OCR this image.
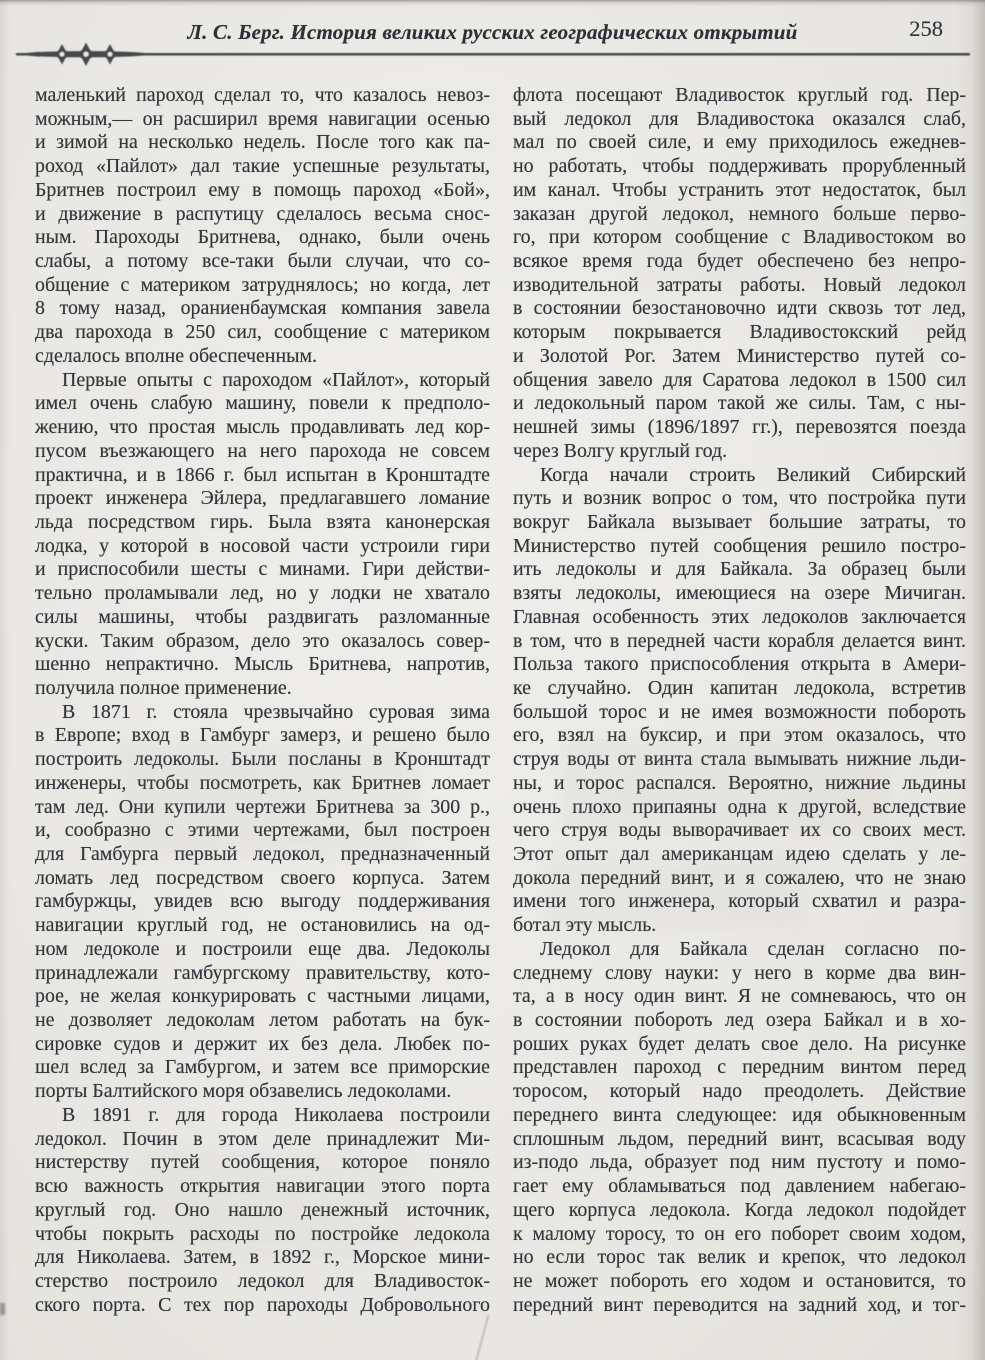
Л. С. Берг. История великих русских географических открытий	258
маленький пароход сделал то, что казалось невоз-
можным,— он расширил время навигации осенью
и зимой на несколько недель. После того как па-
роход «Пайлот» дал такие успешные результаты,
Бритнев построил ему в помощь пароход «Бой»,
и движение в распутицу сделалось весьма снос-
ным. Пароходы Бритнева, однако, были очень
слабы, а потому все-таки были случаи, что со-
общение с материком затруднялось; но когда, лет
8 тому назад, ораниенбаумская компания завела
два парохода в 250 сил, сообщение с материком
сделалось вполне обеспеченным.
Первые опыты с пароходом «Пайлот», который
имел очень слабую машину, повели к предполо-
жению, что простая мысль продавливать лед кор-
пусом въезжающего на него парохода не совсем
практична, и в 1866 г. был испытан в Кронштадте
проект инженера Эйлера, предлагавшего ломание
льда посредством гирь. Была взята канонерская
лодка, у которой в носовой части устроили гири
и приспособили шесты с минами. Гири действи-
тельно проламывали лед, но у лодки не хватало
силы машины, чтобы раздвигать разломанные
куски. Таким образом, дело это оказалось совер-
шенно непрактично. Мысль Бритнева, напротив,
получила полное применение.
В 1871 г. стояла чрезвычайно суровая зима
в Европе; вход в Гамбург замерз, и решено было
построить ледоколы. Были посланы в Кронштадт
инженеры, чтобы посмотреть, как Бритнев ломает
там лед. Они купили чертежи Бритнева за 300 р.,
и, сообразно с этими чертежами, был построен
для Гамбурга первый ледокол, предназначенный
ломать лед посредством своего корпуса. Затем
гамбуржцы, увидев всю выгоду поддерживания
навигации круглый год, не остановились на од-
ном ледоколе и построили еще два. Ледоколы
принадлежали гамбургскому правительству, кото-
рое, не желая конкурировать с частными лицами,
не дозволяет ледоколам летом работать на бук-
сировке судов и держит их без дела. Любек по-
шел вслед за Гамбургом, и затем все приморские
порты Балтийского моря обзавелись ледоколами.
В 1891 г. для города Николаева построили
ледокол. Почин в этом деле принадлежит Ми-
нистерству путей сообщения, которое поняло
всю важность открытия навигации этого порта
круглый год. Оно нашло денежный источник,
чтобы покрыть расходы по постройке ледокола
для Николаева. Затем, в 1892 г., Морское мини-
стерство построило ледокол для Владивосток-
ского порта. С тех пор пароходы Добровольного
флота посещают Владивосток круглый год. Пер-
вый ледокол для Владивостока оказался слаб,
мал по своей силе, и ему приходилось ежеднев-
но работать, чтобы поддерживать прорубленный
им канал. Чтобы устранить этот недостаток, был
заказан другой ледокол, немного больше перво-
го, при котором сообщение с Владивостоком во
всякое время года будет обеспечено без непро-
изводительной затраты работы. Новый ледокол
в состоянии безостановочно идти сквозь тот лед,
которым покрывается Владивостокский рейд
и Золотой Рог. Затем Министерство путей со-
общения завело для Саратова ледокол в 1500 сил
и ледокольный паром такой же силы. Там, с ны-
нешней зимы (1896/1897 гг.), перевозятся поезда
через Волгу круглый год.
Когда начали строить Великий Сибирский
путь и возник вопрос о том, что постройка пути
вокруг Байкала вызывает большие затраты, то
Министерство путей сообщения решило постро-
ить ледоколы и для Байкала. За образец были
взяты ледоколы, имеющиеся на озере Мичиган.
Главная особенность этих ледоколов заключается
в том, что в передней части корабля делается винт.
Польза такого приспособления открыта в Амери-
ке случайно. Один капитан ледокола, встретив
большой торос и не имея возможности побороть
его, взял на буксир, и при этом оказалось, что
струя воды от винта стала вымывать нижние льди-
ны, и торос распался. Вероятно, нижние льдины
очень плохо припаяны одна к другой, вследствие
чего струя воды выворачивает их со своих мест.
Этот опыт дал американцам идею сделать у ле-
докола передний винт, и я сожалею, что не знаю
имени того инженера, который схватил и разра-
ботал эту мысль.
Ледокол для Байкала сделан согласно по-
следнему слову науки: у него в корме два вин-
та, а в носу один винт. Я не сомневаюсь, что он
в состоянии побороть лед озера Байкал и в хо-
роших руках будет делать свое дело. На рисунке
представлен пароход с передним винтом перед
торосом, который надо преодолеть. Действие
переднего винта следующее: идя обыкновенным
сплошным льдом, передний винт, всасывая воду
из-подо льда, образует под ним пустоту и помо-
гает ему обламываться под давлением набегаю-
щего корпуса ледокола. Когда ледокол подойдет
к малому торосу, то он его поборет своим ходом,
но если торос так велик и крепок, что ледокол
не может побороть его ходом и остановится, то
передний винт переводится на задний ход, и тог-
